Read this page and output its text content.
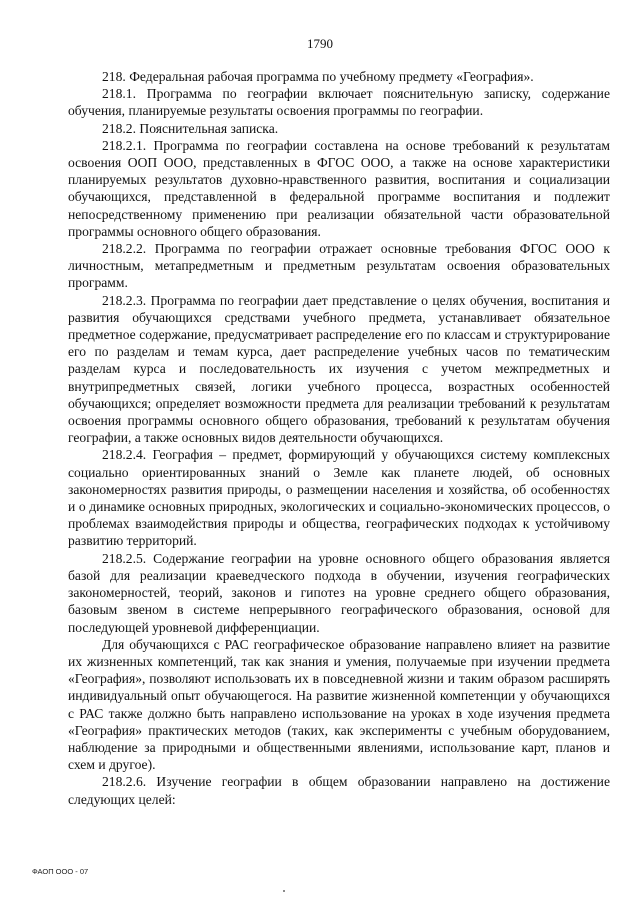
1790

218. Федеральная рабочая программа по учебному предмету «География».

218.1. Программа по географии включает пояснительную записку, содержание обучения, планируемые результаты освоения программы по географии.

218.2. Пояснительная записка.

218.2.1. Программа по географии составлена на основе требований к результатам освоения ООП ООО, представленных в ФГОС ООО, а также на основе характеристики планируемых результатов духовно-нравственного развития, воспитания и социализации обучающихся, представленной в федеральной программе воспитания и подлежит непосредственному применению при реализации обязательной части образовательной программы основного общего образования.

218.2.2. Программа по географии отражает основные требования ФГОС ООО к личностным, метапредметным и предметным результатам освоения образовательных программ.

218.2.3. Программа по географии дает представление о целях обучения, воспитания и развития обучающихся средствами учебного предмета, устанавливает обязательное предметное содержание, предусматривает распределение его по классам и структурирование его по разделам и темам курса, дает распределение учебных часов по тематическим разделам курса и последовательность их изучения с учетом межпредметных и внутрипредметных связей, логики учебного процесса, возрастных особенностей обучающихся; определяет возможности предмета для реализации требований к результатам освоения программы основного общего образования, требований к результатам обучения географии, а также основных видов деятельности обучающихся.

218.2.4. География – предмет, формирующий у обучающихся систему комплексных социально ориентированных знаний о Земле как планете людей, об основных закономерностях развития природы, о размещении населения и хозяйства, об особенностях и о динамике основных природных, экологических и социально-экономических процессов, о проблемах взаимодействия природы и общества, географических подходах к устойчивому развитию территорий.

218.2.5. Содержание географии на уровне основного общего образования является базой для реализации краеведческого подхода в обучении, изучения географических закономерностей, теорий, законов и гипотез на уровне среднего общего образования, базовым звеном в системе непрерывного географического образования, основой для последующей уровневой дифференциации.

Для обучающихся с РАС географическое образование направлено влияет на развитие их жизненных компетенций, так как знания и умения, получаемые при изучении предмета «География», позволяют использовать их в повседневной жизни и таким образом расширять индивидуальный опыт обучающегося. На развитие жизненной компетенции у обучающихся с РАС также должно быть направлено использование на уроках в ходе изучения предмета «География» практических методов (таких, как эксперименты с учебным оборудованием, наблюдение за природными и общественными явлениями, использование карт, планов и схем и другое).

218.2.6. Изучение географии в общем образовании направлено на достижение следующих целей:

ФАОП ООО - 07
